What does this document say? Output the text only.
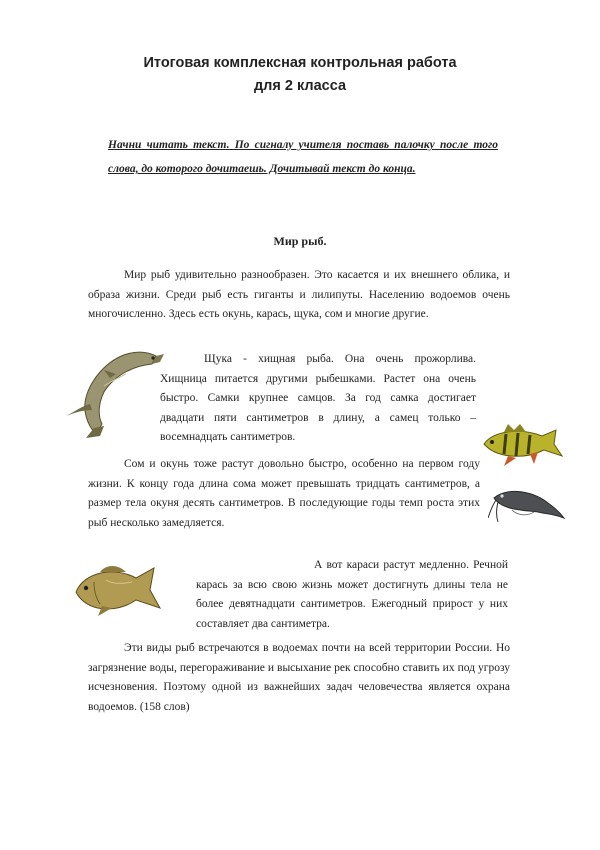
Итоговая комплексная контрольная работа
для 2 класса
Начни читать текст. По сигналу учителя поставь палочку после того слова, до которого дочитаешь. Дочитывай текст до конца.
Мир рыб.

Мир рыб удивительно разнообразен. Это касается и их внешнего облика, и образа жизни. Среди рыб есть гиганты и лилипуты. Населению водоемов очень многочисленно. Здесь есть окунь, карась, щука, сом и многие другие.

Щука - хищная рыба. Она очень прожорлива. Хищница питается другими рыбешками. Растет она очень быстро. Самки крупнее самцов. За год самка достигает двадцати пяти сантиметров в длину, а самец только – восемнадцать сантиметров.

Сом и окунь тоже растут довольно быстро, особенно на первом году жизни. К концу года длина сома может превышать тридцать сантиметров, а размер тела окуня десять сантиметров. В последующие годы темп роста этих рыб несколько замедляется.

А вот караси растут медленно. Речной карась за всю свою жизнь может достигнуть длины тела не более девятнадцати сантиметров. Ежегодный прирост у них составляет два сантиметра.

Эти виды рыб встречаются в водоемах почти на всей территории России. Но загрязнение воды, перегораживание и высыхание рек способно ставить их под угрозу исчезновения. Поэтому одной из важнейших задач человечества является охрана водоемов. (158 слов)
